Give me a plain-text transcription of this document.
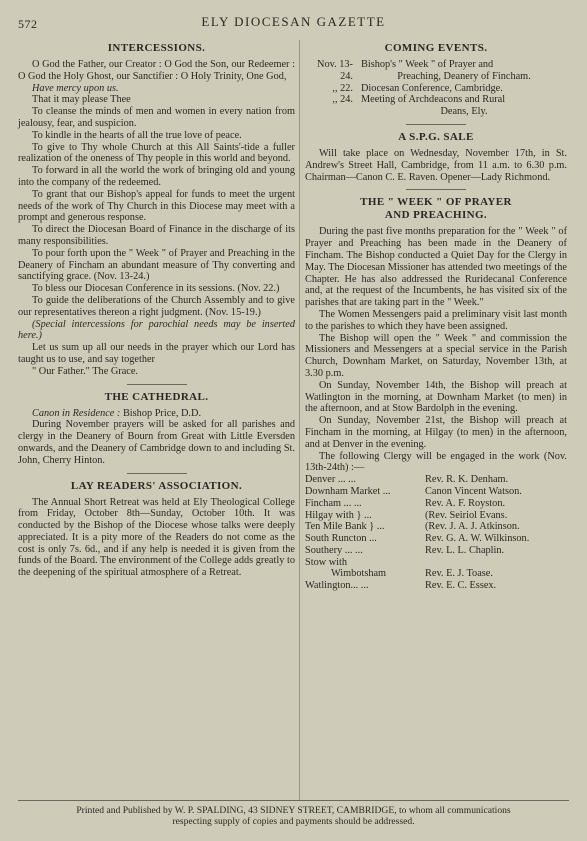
572	ELY DIOCESAN GAZETTE
INTERCESSIONS.

O God the Father, our Creator : O God the Son, our Redeemer : O God the Holy Ghost, our Sanctifier : O Holy Trinity, One God,

Have mercy upon us.

That it may please Thee

To cleanse the minds of men and women in every nation from jealousy, fear, and suspicion.

To kindle in the hearts of all the true love of peace.

To give to Thy whole Church at this All Saints'-tide a fuller realization of the oneness of Thy people in this world and beyond.

To forward in all the world the work of bringing old and young into the company of the redeemed.

To grant that our Bishop's appeal for funds to meet the urgent needs of the work of Thy Church in this Diocese may meet with a prompt and generous response.

To direct the Diocesan Board of Finance in the discharge of its many responsibilities.

To pour forth upon the " Week " of Prayer and Preaching in the Deanery of Fincham an abundant measure of Thy converting and sanctifying grace. (Nov. 13-24.)

To bless our Diocesan Conference in its sessions. (Nov. 22.)

To guide the deliberations of the Church Assembly and to give our representatives thereon a right judgment. (Nov. 15-19.)

(Special intercessions for parochial needs may be inserted here.)

Let us sum up all our needs in the prayer which our Lord has taught us to use, and say together

" Our Father." The Grace.

THE CATHEDRAL.

Canon in Residence : Bishop Price, D.D.

During November prayers will be asked for all parishes and clergy in the Deanery of Bourn from Great with Little Eversden onwards, and the Deanery of Cambridge down to and including St. John, Cherry Hinton.

LAY READERS' ASSOCIATION.

The Annual Short Retreat was held at Ely Theological College from Friday, October 8th—Sunday, October 10th. It was conducted by the Bishop of the Diocese whose talks were deeply appreciated. It is a pity more of the Readers do not come as the cost is only 7s. 6d., and if any help is needed it is given from the funds of the Board. The environment of the College adds greatly to the deepening of the spiritual atmosphere of a Retreat.

COMING EVENTS.
Nov. 13-24.
Bishop's " Week " of Prayer and
Preaching, Deanery of Fincham.
,, 22. Diocesan Conference, Cambridge.
,, 24. Meeting of Archdeacons and Rural
Deans, Ely.
A S.P.G. SALE

Will take place on Wednesday, November 17th, in St. Andrew's Street Hall, Cambridge, from 11 a.m. to 6.30 p.m. Chairman—Canon C. E. Raven. Opener—Lady Richmond.

THE " WEEK " OF PRAYER
AND PREACHING.

During the past five months preparation for the " Week " of Prayer and Preaching has been made in the Deanery of Fincham. The Bishop conducted a Quiet Day for the Clergy in May. The Diocesan Missioner has attended two meetings of the Chapter. He has also addressed the Ruridecanal Conference and, at the request of the Incumbents, he has visited six of the parishes that are taking part in the " Week."

The Women Messengers paid a preliminary visit last month to the parishes to which they have been assigned.

The Bishop will open the " Week " and commission the Missioners and Messengers at a special service in the Parish Church, Downham Market, on Saturday, November 13th, at 3.30 p.m.

On Sunday, November 14th, the Bishop will preach at Watlington in the morning, at Downham Market (to men) in the afternoon, and at Stow Bardolph in the evening.

On Sunday, November 21st, the Bishop will preach at Fincham in the morning, at Hilgay (to men) in the afternoon, and at Denver in the evening.

The following Clergy will be engaged in the work (Nov. 13th-24th) :—

Denver ... ...	Rev. R. K. Denham.
Downham Market ...	Canon Vincent Watson.
Fincham ... ...	Rev. A. F. Royston.
Hilgay with } ...	(Rev. Seiriol Evans.
Ten Mile Bank } ...	(Rev. J. A. J. Atkinson.
South Runcton ...	Rev. G. A. W. Wilkinson.
Southery ... ...	Rev. L. L. Chaplin.
Stow with
Wimbotsham	Rev. E. J. Toase.
Watlington... ...	Rev. E. C. Essex.
Printed and Published by W. P. SPALDING, 43 SIDNEY STREET, CAMBRIDGE, to whom all communications
respecting supply of copies and payments should be addressed.
